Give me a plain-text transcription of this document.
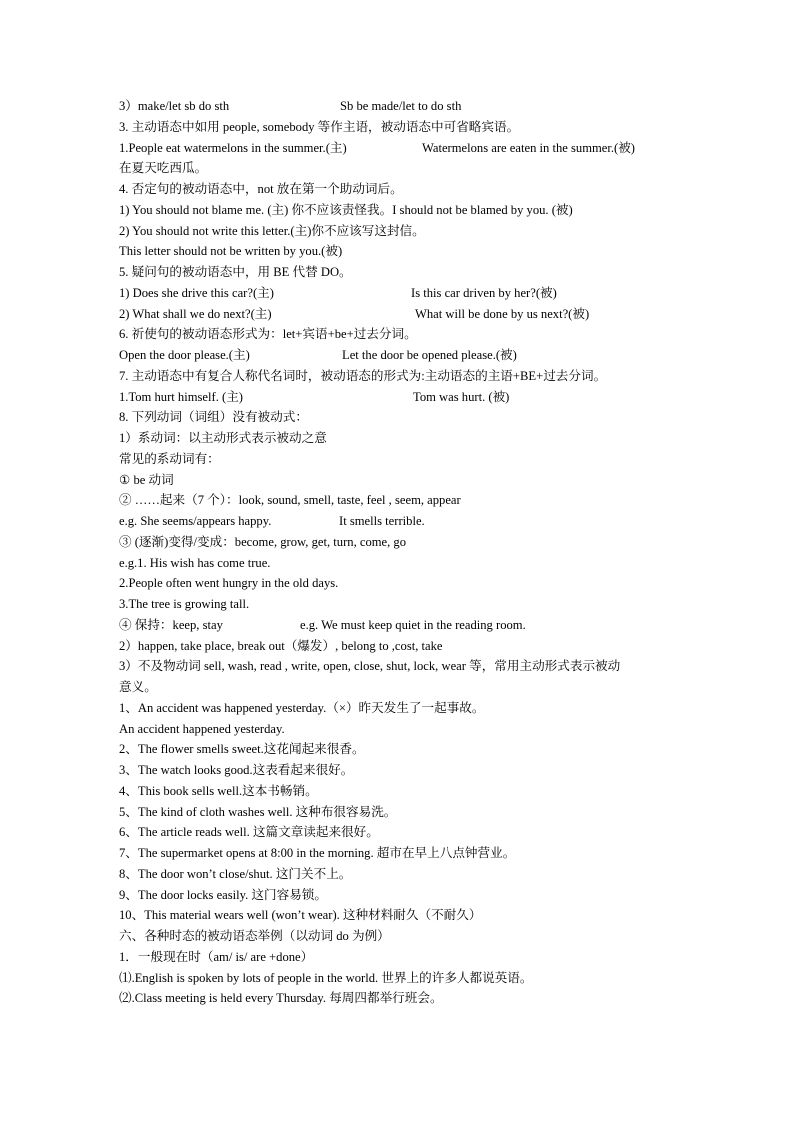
3）make/let sb do sth	Sb be made/let to do sth
3. 主动语态中如用 people, somebody 等作主语，被动语态中可省略宾语。
1.People eat watermelons in the summer.(主)	Watermelons are eaten in the summer.(被)
在夏天吃西瓜。
4. 否定句的被动语态中，not 放在第一个助动词后。
1) You should not blame me. (主) 你不应该责怪我。I should not be blamed by you. (被)
2) You should not write this letter.(主)你不应该写这封信。
This letter should not be written by you.(被)
5. 疑问句的被动语态中，用 BE 代替 DO。
1) Does she drive this car?(主)	Is this car driven by her?(被)
2) What shall we do next?(主)	What will be done by us next?(被)
6. 祈使句的被动语态形式为：let+宾语+be+过去分词。
Open the door please.(主)	Let the door be opened please.(被)
7. 主动语态中有复合人称代名词时，被动语态的形式为:主动语态的主语+BE+过去分词。
1.Tom hurt himself. (主)	Tom was hurt. (被)
8. 下列动词（词组）没有被动式：
1）系动词：以主动形式表示被动之意
常见的系动词有：
① be 动词
② ……起来（7 个）：look, sound, smell, taste, feel , seem, appear
e.g. She seems/appears happy.	It smells terrible.
③ (逐渐)变得/变成：become, grow, get, turn, come, go
e.g.1. His wish has come true.
2.People often went hungry in the old days.
3.The tree is growing tall.
④ 保持：keep, stay	e.g. We must keep quiet in the reading room.
2）happen, take place, break out（爆发）, belong to ,cost, take
3）不及物动词 sell, wash, read , write, open, close, shut, lock, wear 等，常用主动形式表示被动
意义。
1、An accident was happened yesterday.（×）昨天发生了一起事故。
An accident happened yesterday.
2、The flower smells sweet.这花闻起来很香。
3、The watch looks good.这表看起来很好。
4、This book sells well.这本书畅销。
5、The kind of cloth washes well. 这种布很容易洗。
6、The article reads well. 这篇文章读起来很好。
7、The supermarket opens at 8:00 in the morning. 超市在早上八点钟营业。
8、The door won’t close/shut. 这门关不上。
9、The door locks easily. 这门容易锁。
10、This material wears well (won’t wear). 这种材料耐久（不耐久）
六、各种时态的被动语态举例（以动词 do 为例）
1．一般现在时（am/ is/ are +done）
⑴.English is spoken by lots of people in the world. 世界上的许多人都说英语。
⑵.Class meeting is held every Thursday. 每周四都举行班会。
